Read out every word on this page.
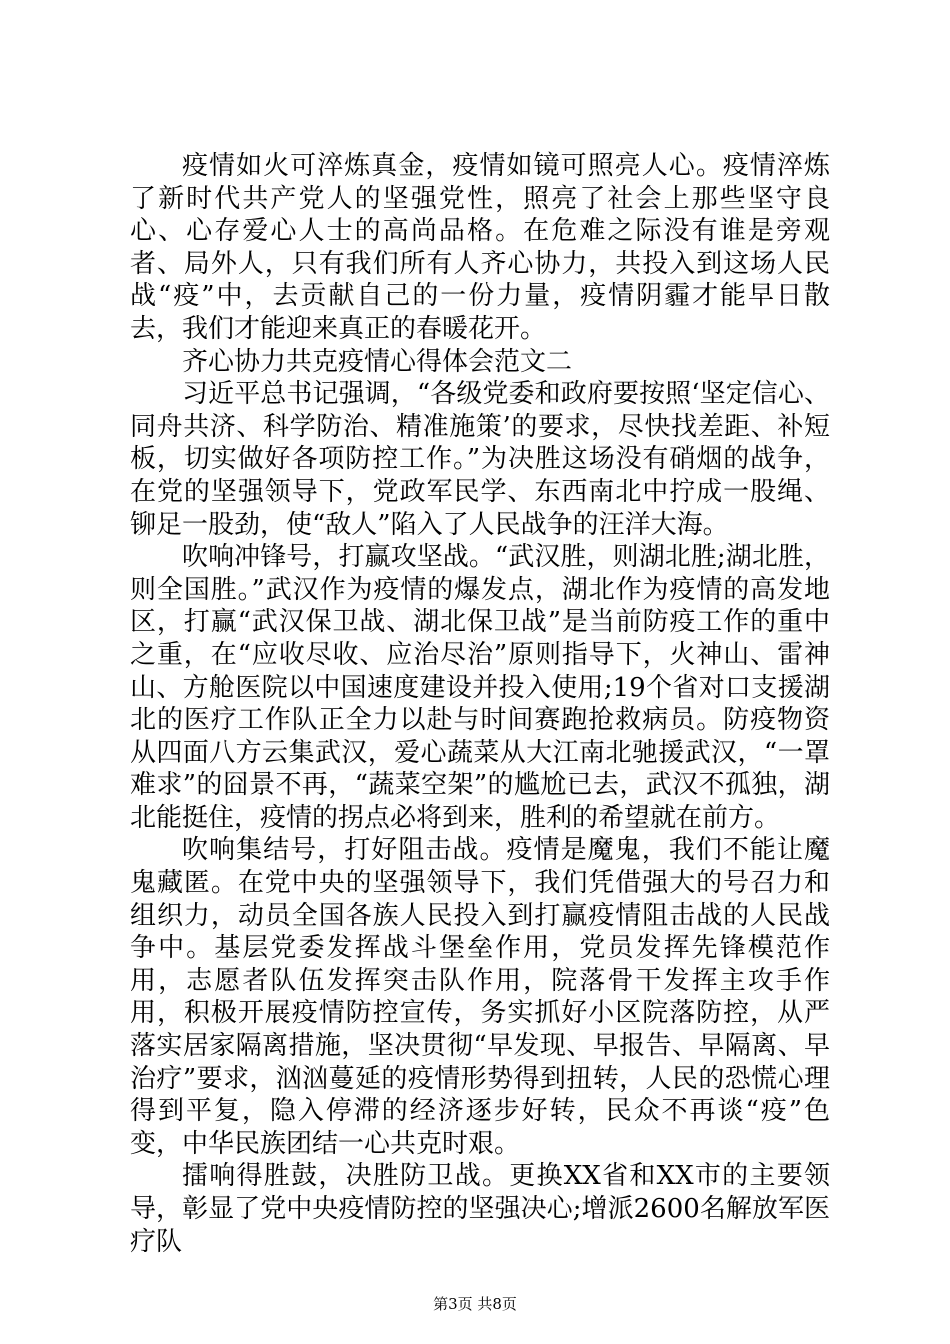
疫情如火可淬炼真金，疫情如镜可照亮人心。疫情淬炼了新时代共产党人的坚强党性，照亮了社会上那些坚守良心、心存爱心人士的高尚品格。在危难之际没有谁是旁观者、局外人，只有我们所有人齐心协力，共投入到这场人民战“疫”中，去贡献自己的一份力量，疫情阴霾才能早日散去，我们才能迎来真正的春暖花开。

齐心协力共克疫情心得体会范文二

习近平总书记强调，“各级党委和政府要按照‘坚定信心、同舟共济、科学防治、精准施策’的要求，尽快找差距、补短板，切实做好各项防控工作。”为决胜这场没有硝烟的战争，在党的坚强领导下，党政军民学、东西南北中拧成一股绳、铆足一股劲，使“敌人”陷入了人民战争的汪洋大海。

吹响冲锋号，打赢攻坚战。“武汉胜，则湖北胜;湖北胜，则全国胜。”武汉作为疫情的爆发点，湖北作为疫情的高发地区，打赢“武汉保卫战、湖北保卫战”是当前防疫工作的重中之重，在“应收尽收、应治尽治”原则指导下，火神山、雷神山、方舱医院以中国速度建设并投入使用;19个省对口支援湖北的医疗工作队正全力以赴与时间赛跑抢救病员。防疫物资从四面八方云集武汉，爱心蔬菜从大江南北驰援武汉，“一罩难求”的囧景不再，“蔬菜空架”的尴尬已去，武汉不孤独，湖北能挺住，疫情的拐点必将到来，胜利的希望就在前方。

吹响集结号，打好阻击战。疫情是魔鬼，我们不能让魔鬼藏匿。在党中央的坚强领导下，我们凭借强大的号召力和组织力，动员全国各族人民投入到打赢疫情阻击战的人民战争中。基层党委发挥战斗堡垒作用，党员发挥先锋模范作用，志愿者队伍发挥突击队作用，院落骨干发挥主攻手作用，积极开展疫情防控宣传，务实抓好小区院落防控，从严落实居家隔离措施，坚决贯彻“早发现、早报告、早隔离、早治疗”要求，汹汹蔓延的疫情形势得到扭转，人民的恐慌心理得到平复，隐入停滞的经济逐步好转，民众不再谈“疫”色变，中华民族团结一心共克时艰。

擂响得胜鼓，决胜防卫战。更换XX省和XX市的主要领导，彰显了党中央疫情防控的坚强决心;增派2600名解放军医疗队

第3页 共8页
